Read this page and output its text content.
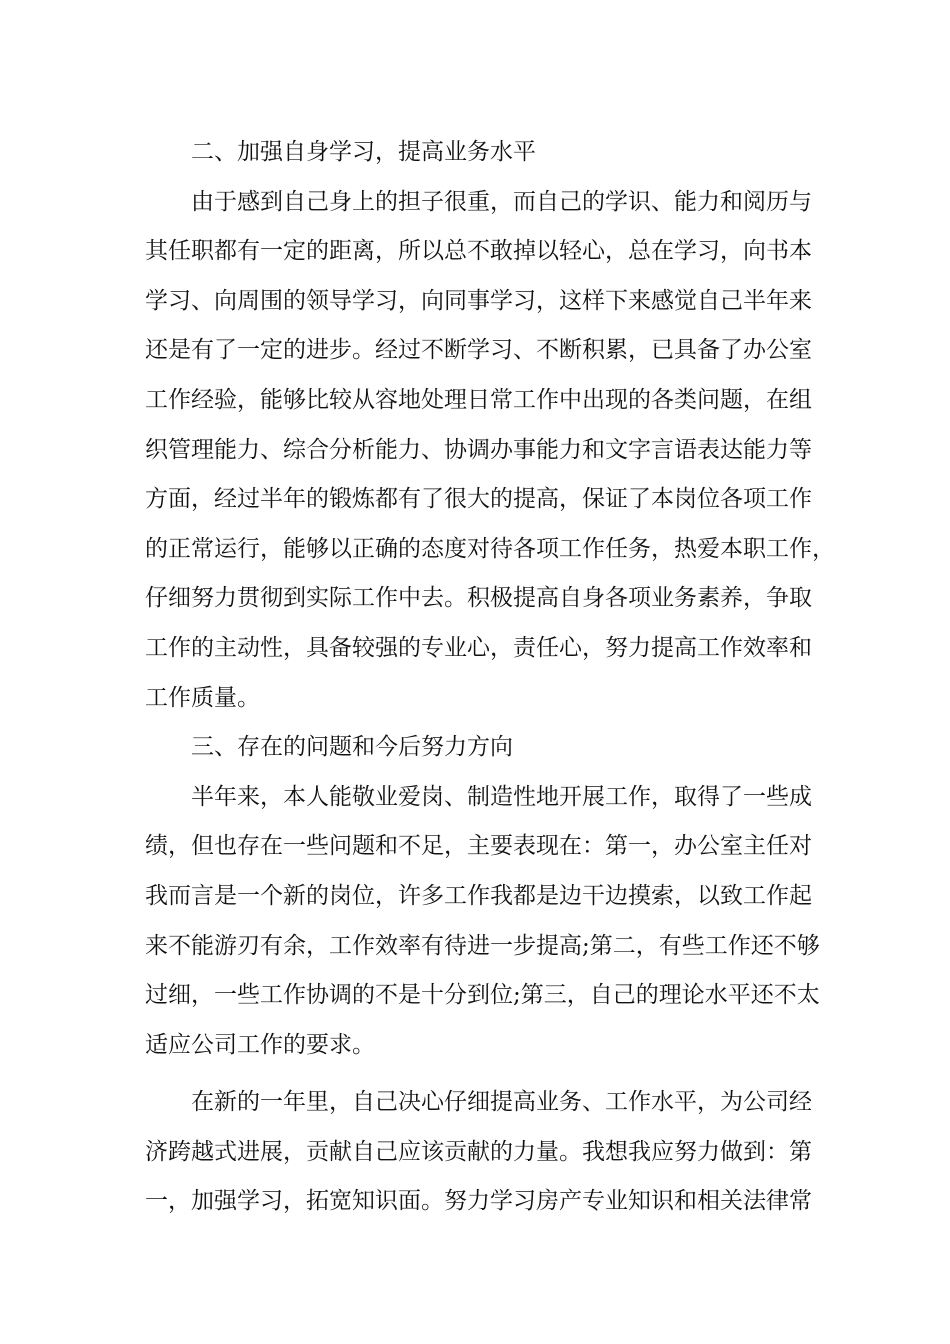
二、加强自身学习，提高业务水平
由于感到自己身上的担子很重，而自己的学识、能力和阅历与
其任职都有一定的距离，所以总不敢掉以轻心，总在学习，向书本
学习、向周围的领导学习，向同事学习，这样下来感觉自己半年来
还是有了一定的进步。经过不断学习、不断积累，已具备了办公室
工作经验，能够比较从容地处理日常工作中出现的各类问题，在组
织管理能力、综合分析能力、协调办事能力和文字言语表达能力等
方面，经过半年的锻炼都有了很大的提高，保证了本岗位各项工作
的正常运行，能够以正确的态度对待各项工作任务，热爱本职工作，
仔细努力贯彻到实际工作中去。积极提高自身各项业务素养，争取
工作的主动性，具备较强的专业心，责任心，努力提高工作效率和
工作质量。
三、存在的问题和今后努力方向
半年来，本人能敬业爱岗、制造性地开展工作，取得了一些成
绩，但也存在一些问题和不足，主要表现在：第一，办公室主任对
我而言是一个新的岗位，许多工作我都是边干边摸索，以致工作起
来不能游刃有余，工作效率有待进一步提高;第二，有些工作还不够
过细，一些工作协调的不是十分到位;第三，自己的理论水平还不太
适应公司工作的要求。
在新的一年里，自己决心仔细提高业务、工作水平，为公司经
济跨越式进展，贡献自己应该贡献的力量。我想我应努力做到：第
一，加强学习，拓宽知识面。努力学习房产专业知识和相关法律常
